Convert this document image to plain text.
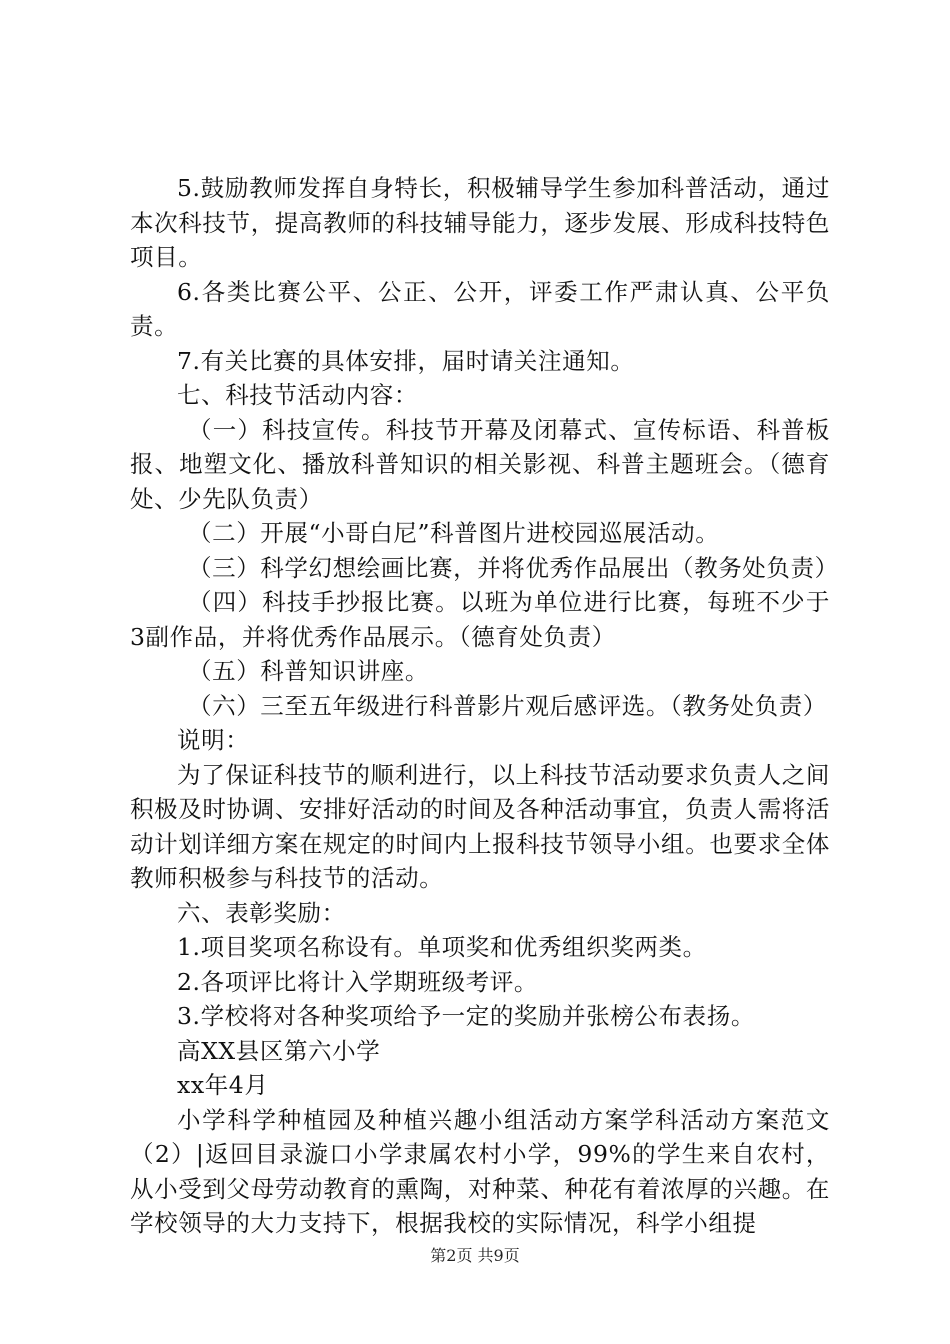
5.鼓励教师发挥自身特长，积极辅导学生参加科普活动，通过本次科技节，提高教师的科技辅导能力，逐步发展、形成科技特色项目。

6.各类比赛公平、公正、公开，评委工作严肃认真、公平负责。

7.有关比赛的具体安排，届时请关注通知。

七、科技节活动内容：

（一）科技宣传。科技节开幕及闭幕式、宣传标语、科普板报、地塑文化、播放科普知识的相关影视、科普主题班会。（德育处、少先队负责）

（二）开展“小哥白尼”科普图片进校园巡展活动。

（三）科学幻想绘画比赛，并将优秀作品展出（教务处负责）

（四）科技手抄报比赛。以班为单位进行比赛，每班不少于3副作品，并将优秀作品展示。（德育处负责）

（五）科普知识讲座。

（六）三至五年级进行科普影片观后感评选。（教务处负责）

说明：

为了保证科技节的顺利进行，以上科技节活动要求负责人之间积极及时协调、安排好活动的时间及各种活动事宜，负责人需将活动计划详细方案在规定的时间内上报科技节领导小组。也要求全体教师积极参与科技节的活动。

六、表彰奖励：

1.项目奖项名称设有。单项奖和优秀组织奖两类。

2.各项评比将计入学期班级考评。

3.学校将对各种奖项给予一定的奖励并张榜公布表扬。

高XX县区第六小学

xx年4月

小学科学种植园及种植兴趣小组活动方案学科活动方案范文（2）|返回目录漩口小学隶属农村小学，99%的学生来自农村，从小受到父母劳动教育的熏陶，对种菜、种花有着浓厚的兴趣。在学校领导的大力支持下，根据我校的实际情况，科学小组提

第2页 共9页
